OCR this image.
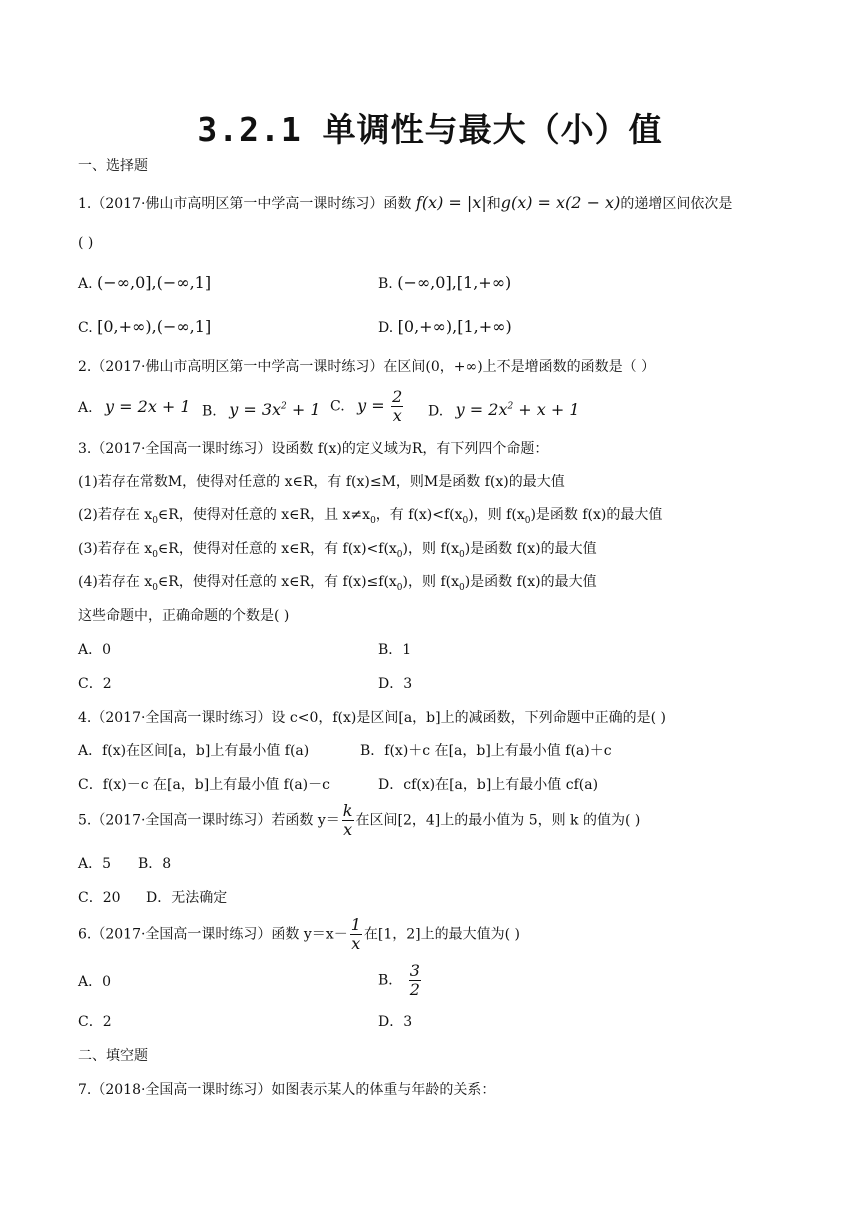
3.2.1 单调性与最大（小）值
一、选择题
1.（2017·佛山市高明区第一中学高一课时练习）函数 f(x) = |x|和g(x) = x(2 − x)的递增区间依次是
( )
A. (−∞,0],(−∞,1]	B. (−∞,0],[1,+∞)
C. [0,+∞),(−∞,1]	D. [0,+∞),[1,+∞)
2.（2017·佛山市高明区第一中学高一课时练习）在区间(0，+∞)上不是增函数的函数是（ ）
A. y = 2x + 1 B. $y = 3x^2 + 1$ C. $y = \frac{2}{x} D$. $y = 2x^2 + x + 1$
3.（2017·全国高一课时练习）设函数 f(x)的定义域为R，有下列四个命题：
(1)若存在常数M，使得对任意的 x∈R，有 f(x)≤M，则M是函数 f(x)的最大值
(2)若存在 $x_0\in R$，使得对任意的 x∈R，且 $x\ne x_0$，有 $f(x)<f(x_0)$，则 $f(x_0)$是函数 f(x)的最大值
(3)若存在 $x_0\in R$，使得对任意的 x∈R，有 $f(x)<f(x_0)$，则 $f(x_0)$是函数 f(x)的最大值
(4)若存在 $x_0\in R$，使得对任意的 x∈R，有 $f(x)\le f(x_0)$，则 $f(x_0)$是函数 f(x)的最大值
这些命题中，正确命题的个数是( )
A．0	B．1
C．2	D．3
4.（2017·全国高一课时练习）设 c<0，f(x)是区间[a，b]上的减函数，下列命题中正确的是( )
A．f(x)在区间[a，b]上有最小值 f(a)	B．f(x)＋c 在[a，b]上有最小值 f(a)＋c
C．f(x)－c 在[a，b]上有最小值 f(a)－c	D．cf(x)在[a，b]上有最小值 cf(a)
5.（2017·全国高一课时练习）若函数 $y= \frac{k}{x}$ 在区间[2，4]上的最小值为 5，则 k 的值为( )
A．5 B．8
C．20 D．无法确定
6.（2017·全国高一课时练习）函数 $y=x- \frac{1}{x}$ 在[1，2]上的最大值为( )
A．0	B． $\frac{3}{2}$
C．2	D．3
二、填空题
7.（2018·全国高一课时练习）如图表示某人的体重与年龄的关系：
